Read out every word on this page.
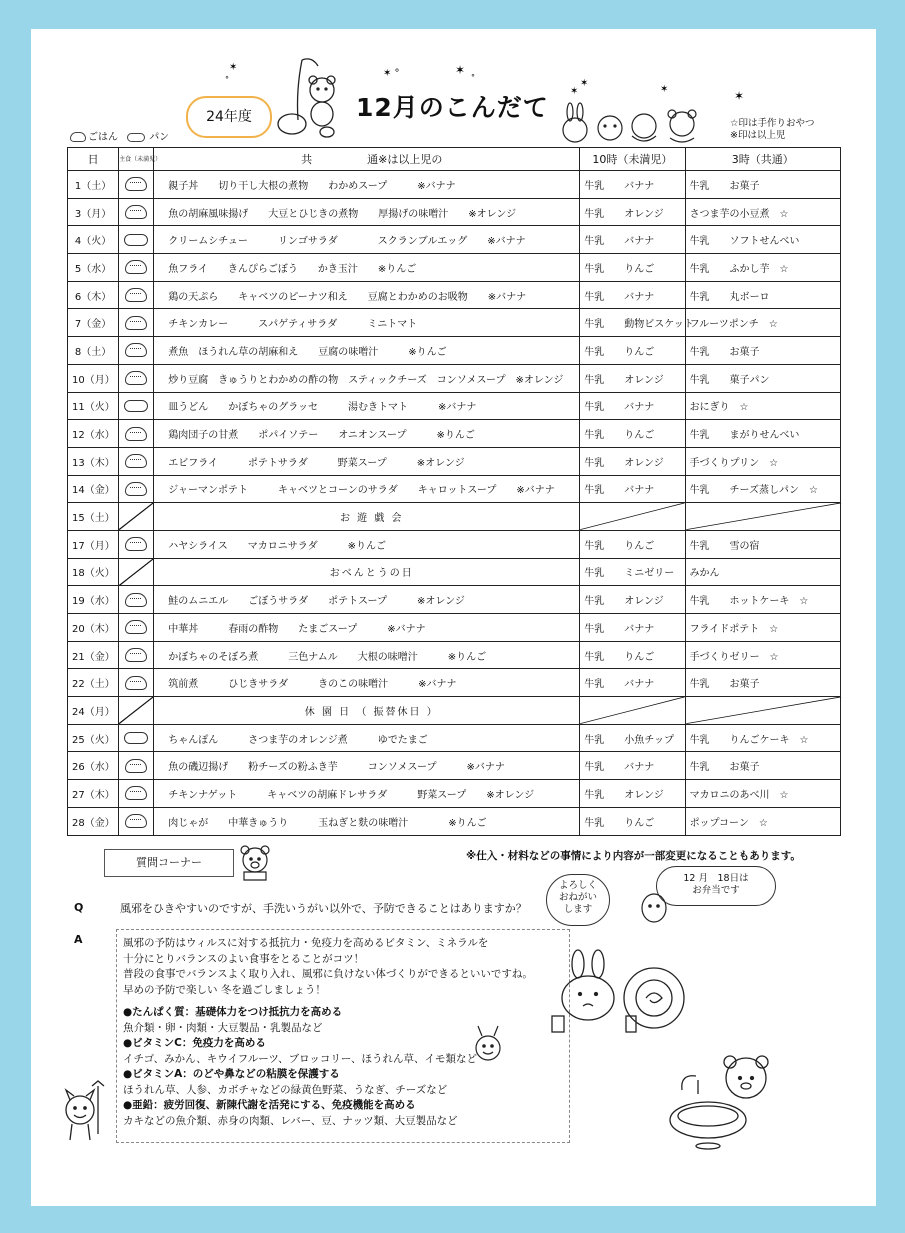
✶
°
✶ °	✶
°
✶
✶
✶	✶
12月のこんだて
24年度
ごはん	パン
☆印は手作りおやつ
※印は以上児
日	主食（未満児）	共　　　　　通※は以上児の	10時（未満児）	3時（共通）
1（土）		親子丼　　切り干し大根の煮物　　わかめスープ　　　※バナナ	牛乳　　バナナ	牛乳　　お菓子
3（月）		魚の胡麻風味揚げ　　大豆とひじきの煮物　　厚揚げの味噌汁　　※オレンジ	牛乳　　オレンジ	さつま芋の小豆煮　☆
4（火）		クリームシチュー　　　リンゴサラダ　　　　スクランブルエッグ　　※バナナ	牛乳　　バナナ	牛乳　　ソフトせんべい
5（水）		魚フライ　　きんぴらごぼう　　かき玉汁　　※りんご	牛乳　　りんご	牛乳　　ふかし芋　☆
6（木）		鶏の天ぷら　　キャベツのピーナツ和え　　豆腐とわかめのお吸物　　※バナナ	牛乳　　バナナ	牛乳　　丸ボーロ
7（金）		チキンカレー　　　スパゲティサラダ　　　ミニトマト	牛乳　　動物ビスケット	フルーツポンチ　☆
8（土）		煮魚　ほうれん草の胡麻和え　　豆腐の味噌汁　　　※りんご	牛乳　　りんご	牛乳　　お菓子
10（月）		炒り豆腐　きゅうりとわかめの酢の物　スティックチーズ　コンソメスープ　※オレンジ	牛乳　　オレンジ	牛乳　　菓子パン
11（火）		皿うどん　　かぼちゃのグラッセ　　　湯むきトマト　　　※バナナ	牛乳　　バナナ	おにぎり　☆
12（水）		鶏肉団子の甘煮　　ポパイソテー　　オニオンスープ　　　※りんご	牛乳　　りんご	牛乳　　まがりせんべい
13（木）		エビフライ　　　ポテトサラダ　　　野菜スープ　　　※オレンジ	牛乳　　オレンジ	手づくりプリン　☆
14（金）		ジャーマンポテト　　　キャベツとコーンのサラダ　　キャロットスープ　　※バナナ	牛乳　　バナナ	牛乳　　チーズ蒸しパン　☆
15（土）		お 遊 戯 会	

17（月）		ハヤシライス　　マカロニサラダ　　　※りんご	牛乳　　りんご	牛乳　　雪の宿
18（火）		おべんとうの日	牛乳　　ミニゼリー	みかん
19（水）		鮭のムニエル　　ごぼうサラダ　　ポテトスープ　　　※オレンジ	牛乳　　オレンジ	牛乳　　ホットケーキ　☆
20（木）		中華丼　　　春雨の酢物　　たまごスープ　　　※バナナ	牛乳　　バナナ	フライドポテト　☆
21（金）		かぼちゃのそぼろ煮　　　三色ナムル　　大根の味噌汁　　　※りんご	牛乳　　りんご	手づくりゼリー　☆
22（土）		筑前煮　　　ひじきサラダ　　　きのこの味噌汁　　　※バナナ	牛乳　　バナナ	牛乳　　お菓子
24（月）		休 園 日 （ 振替休日 ）	

25（火）		ちゃんぽん　　　さつま芋のオレンジ煮　　　ゆでたまご	牛乳　　小魚チップ	牛乳　　りんごケーキ　☆
26（水）		魚の磯辺揚げ　　粉チーズの粉ふき芋　　　コンソメスープ　　　※バナナ	牛乳　　バナナ	牛乳　　お菓子
27（木）		チキンナゲット　　　キャベツの胡麻ドレサラダ　　　野菜スープ　　※オレンジ	牛乳　　オレンジ	マカロニのあべ川　☆
28（金）		肉じゃが　　中華きゅうり　　　玉ねぎと麩の味噌汁　　　　※りんご	牛乳　　りんご	ポップコーン　☆
質問コーナー	※仕入・材料などの事情により内容が一部変更になることもあります。
Q	風邪をひきやすいのですが、手洗いうがい以外で、予防できることはありますか？
A	風邪の予防はウィルスに対する抵抗力・免疫力を高めるビタミン、ミネラルを
十分にとりバランスのよい食事をとることがコツ！
普段の食事でバランスよく取り入れ、風邪に負けない体づくりができるといいですね。
早めの予防で楽しい 冬を過ごしましょう！
●たんぱく質：基礎体力をつけ抵抗力を高める
魚介類・卵・肉類・大豆製品・乳製品など
●ビタミンC：免疫力を高める
イチゴ、みかん、キウイフルーツ、ブロッコリー、ほうれん草、イモ類など
●ビタミンA：のどや鼻などの粘膜を保護する
ほうれん草、人参、カボチャなどの緑黄色野菜、うなぎ、チーズなど
●亜鉛：疲労回復、新陳代謝を活発にする、免疫機能を高める
カキなどの魚介類、赤身の肉類、レバー、豆、ナッツ類、大豆製品など
よろしく
おねがい
します
12 月　18日は
お弁当です
